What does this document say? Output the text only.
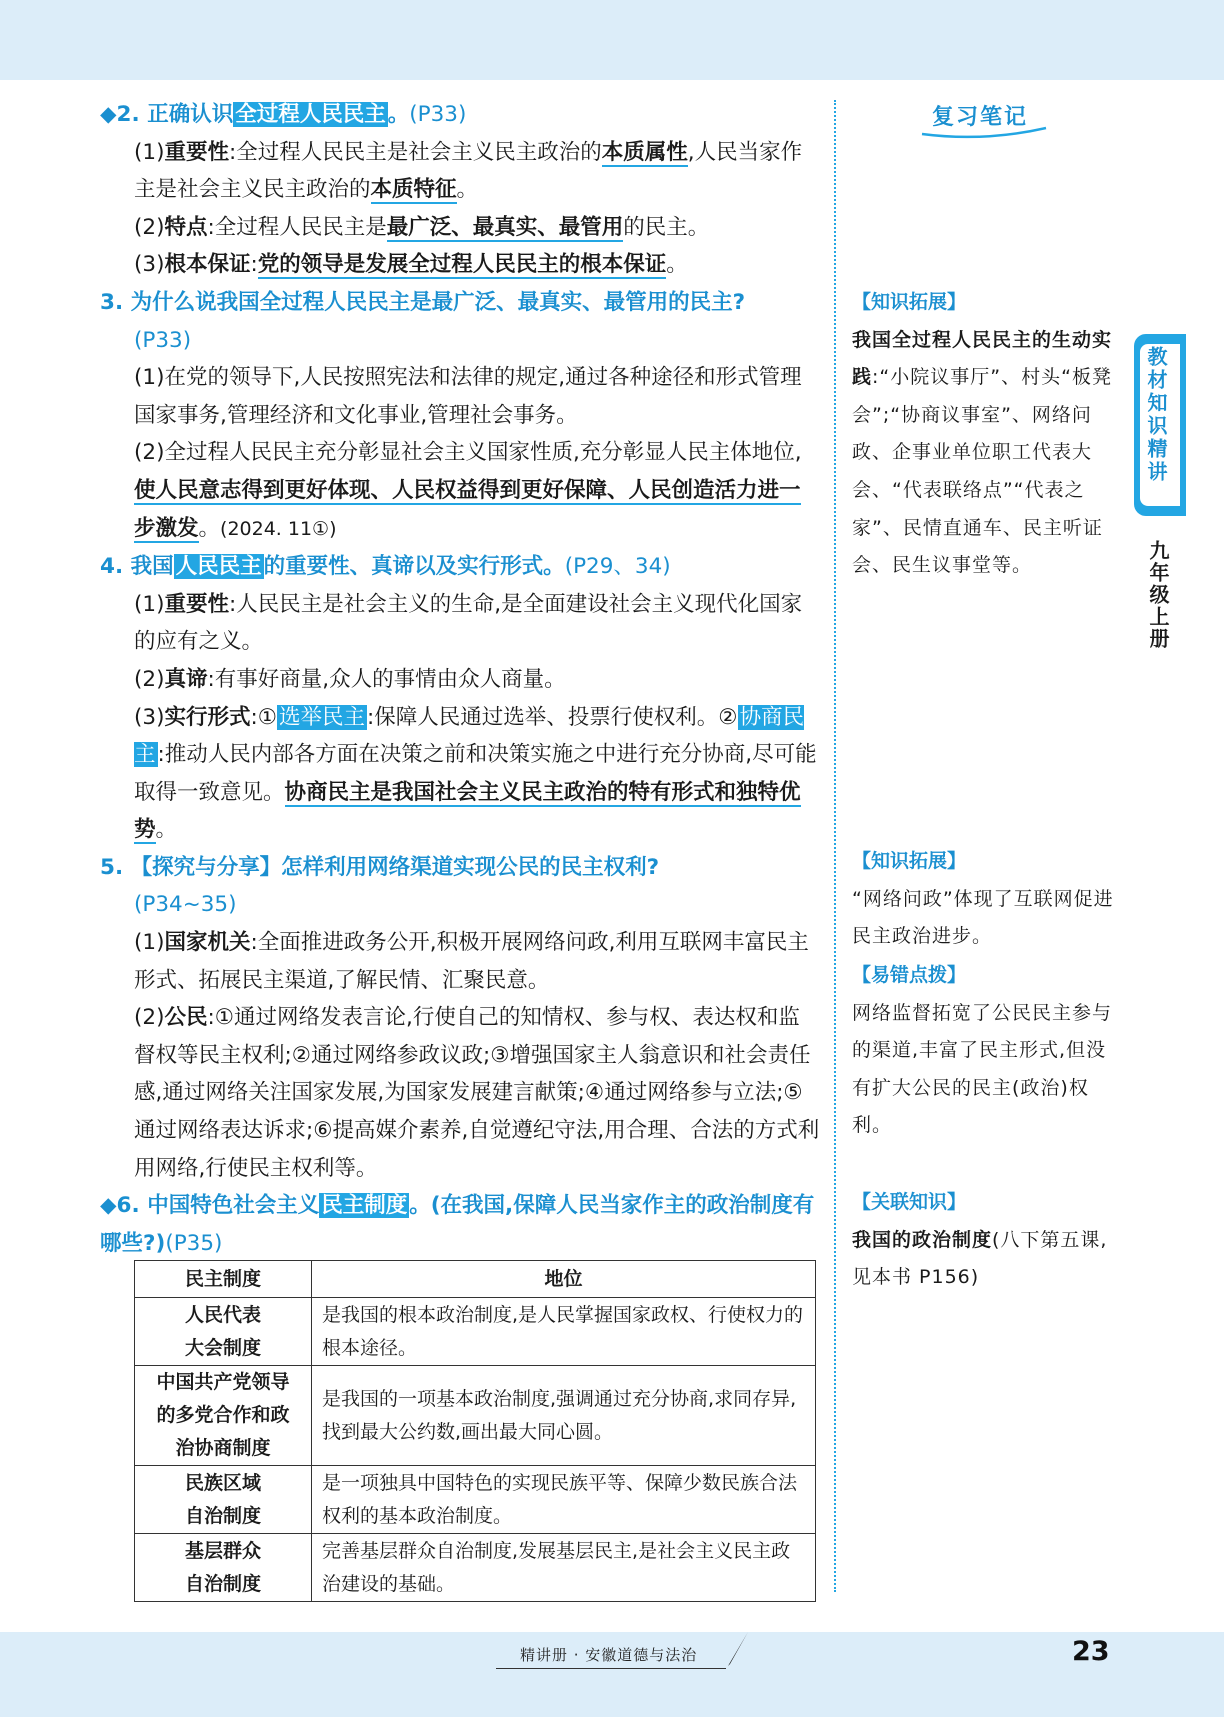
◆2. 正确认识全过程人民民主。(P33)

(1)重要性:全过程人民民主是社会主义民主政治的本质属性,人民当家作主是社会主义民主政治的本质特征。

(2)特点:全过程人民民主是最广泛、最真实、最管用的民主。

(3)根本保证:党的领导是发展全过程人民民主的根本保证。

3. 为什么说我国全过程人民民主是最广泛、最真实、最管用的民主?

(P33)

(1)在党的领导下,人民按照宪法和法律的规定,通过各种途径和形式管理国家事务,管理经济和文化事业,管理社会事务。

(2)全过程人民民主充分彰显社会主义国家性质,充分彰显人民主体地位,使人民意志得到更好体现、人民权益得到更好保障、人民创造活力进一步激发。(2024. 11①)

4. 我国人民民主的重要性、真谛以及实行形式。(P29、34)

(1)重要性:人民民主是社会主义的生命,是全面建设社会主义现代化国家的应有之义。

(2)真谛:有事好商量,众人的事情由众人商量。

(3)实行形式:①选举民主:保障人民通过选举、投票行使权利。②协商民主:推动人民内部各方面在决策之前和决策实施之中进行充分协商,尽可能取得一致意见。协商民主是我国社会主义民主政治的特有形式和独特优势。

5. 【探究与分享】怎样利用网络渠道实现公民的民主权利?

(P34~35)

(1)国家机关:全面推进政务公开,积极开展网络问政,利用互联网丰富民主形式、拓展民主渠道,了解民情、汇聚民意。

(2)公民:①通过网络发表言论,行使自己的知情权、参与权、表达权和监督权等民主权利;②通过网络参政议政;③增强国家主人翁意识和社会责任感,通过网络关注国家发展,为国家发展建言献策;④通过网络参与立法;⑤通过网络表达诉求;⑥提高媒介素养,自觉遵纪守法,用合理、合法的方式利用网络,行使民主权利等。

◆6. 中国特色社会主义民主制度。(在我国,保障人民当家作主的政治制度有哪些?)(P35)

民主制度	地位
人民代表
大会制度	是我国的根本政治制度,是人民掌握国家政权、行使权力的根本途径。
中国共产党领导
的多党合作和政
治协商制度	是我国的一项基本政治制度,强调通过充分协商,求同存异,找到最大公约数,画出最大同心圆。
民族区域
自治制度	是一项独具中国特色的实现民族平等、保障少数民族合法权利的基本政治制度。
基层群众
自治制度	完善基层群众自治制度,发展基层民主,是社会主义民主政治建设的基础。
复习笔记

【知识拓展】

我国全过程人民民主的生动实践:“小院议事厅”、村头“板凳会”;“协商议事室”、网络问政、企事业单位职工代表大会、“代表联络点”“代表之家”、民情直通车、民主听证会、民生议事堂等。

【知识拓展】

“网络问政”体现了互联网促进民主政治进步。

【易错点拨】

网络监督拓宽了公民民主参与的渠道,丰富了民主形式,但没有扩大公民的民主(政治)权利。

【关联知识】

我国的政治制度(八下第五课,见本书 P156)

教材知识精讲
九年级上册
精讲册 · 安徽道德与法治	23
